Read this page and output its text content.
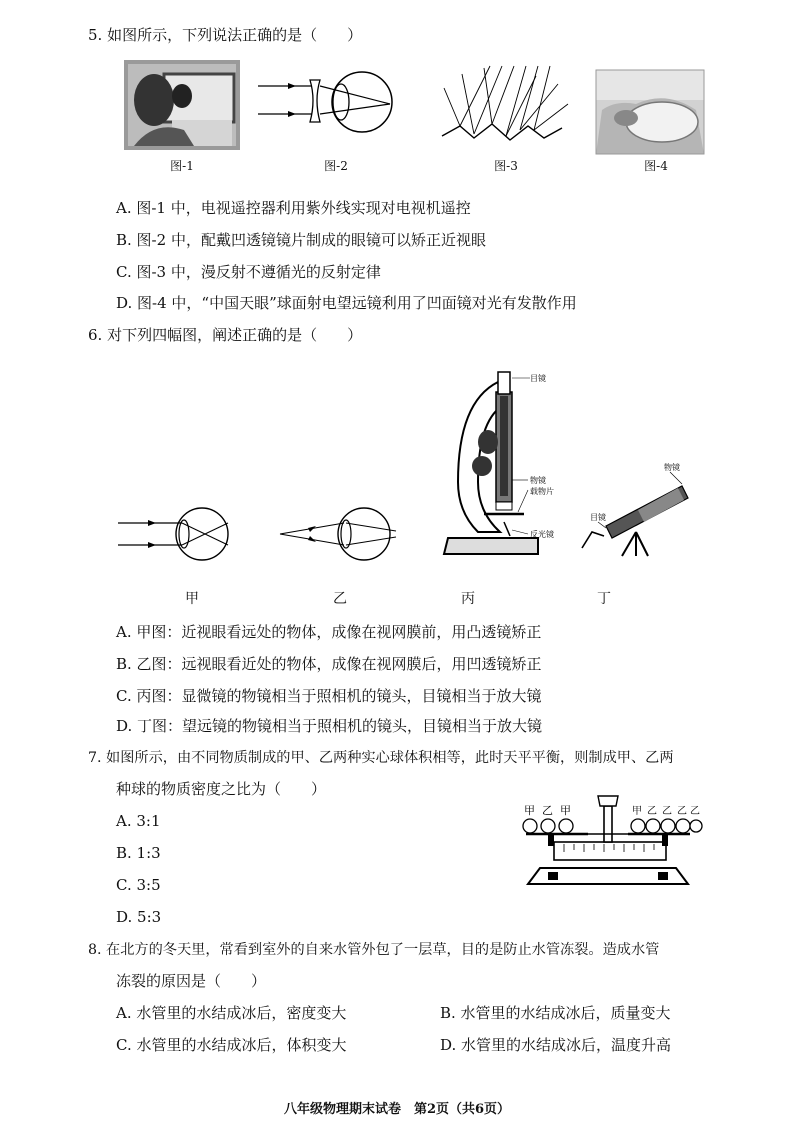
5. 如图所示，下列说法正确的是（　　）
图-1	图-2	图-3	图-4
A. 图-1 中，电视遥控器利用紫外线实现对电视机遥控
B. 图-2 中，配戴凹透镜镜片制成的眼镜可以矫正近视眼
C. 图-3 中，漫反射不遵循光的反射定律
D. 图-4 中，“中国天眼”球面射电望远镜利用了凹面镜对光有发散作用
6. 对下列四幅图，阐述正确的是（　　）
甲	乙
目镜
物镜
载物片
反光镜
丙
物镜
目镜
丁
A. 甲图：近视眼看远处的物体，成像在视网膜前，用凸透镜矫正
B. 乙图：远视眼看近处的物体，成像在视网膜后，用凹透镜矫正
C. 丙图：显微镜的物镜相当于照相机的镜头，目镜相当于放大镜
D. 丁图：望远镜的物镜相当于照相机的镜头，目镜相当于放大镜
7. 如图所示，由不同物质制成的甲、乙两种实心球体积相等，此时天平平衡，则制成甲、乙两
种球的物质密度之比为（　　）
A. 3:1
B. 1:3
C. 3:5
D. 5:3
甲 乙 甲	甲 乙 乙 乙 乙
8. 在北方的冬天里，常看到室外的自来水管外包了一层草，目的是防止水管冻裂。造成水管
冻裂的原因是（　　）
A. 水管里的水结成冰后，密度变大	B. 水管里的水结成冰后，质量变大
C. 水管里的水结成冰后，体积变大	D. 水管里的水结成冰后，温度升高
八年级物理期末试卷　第2页（共6页）
